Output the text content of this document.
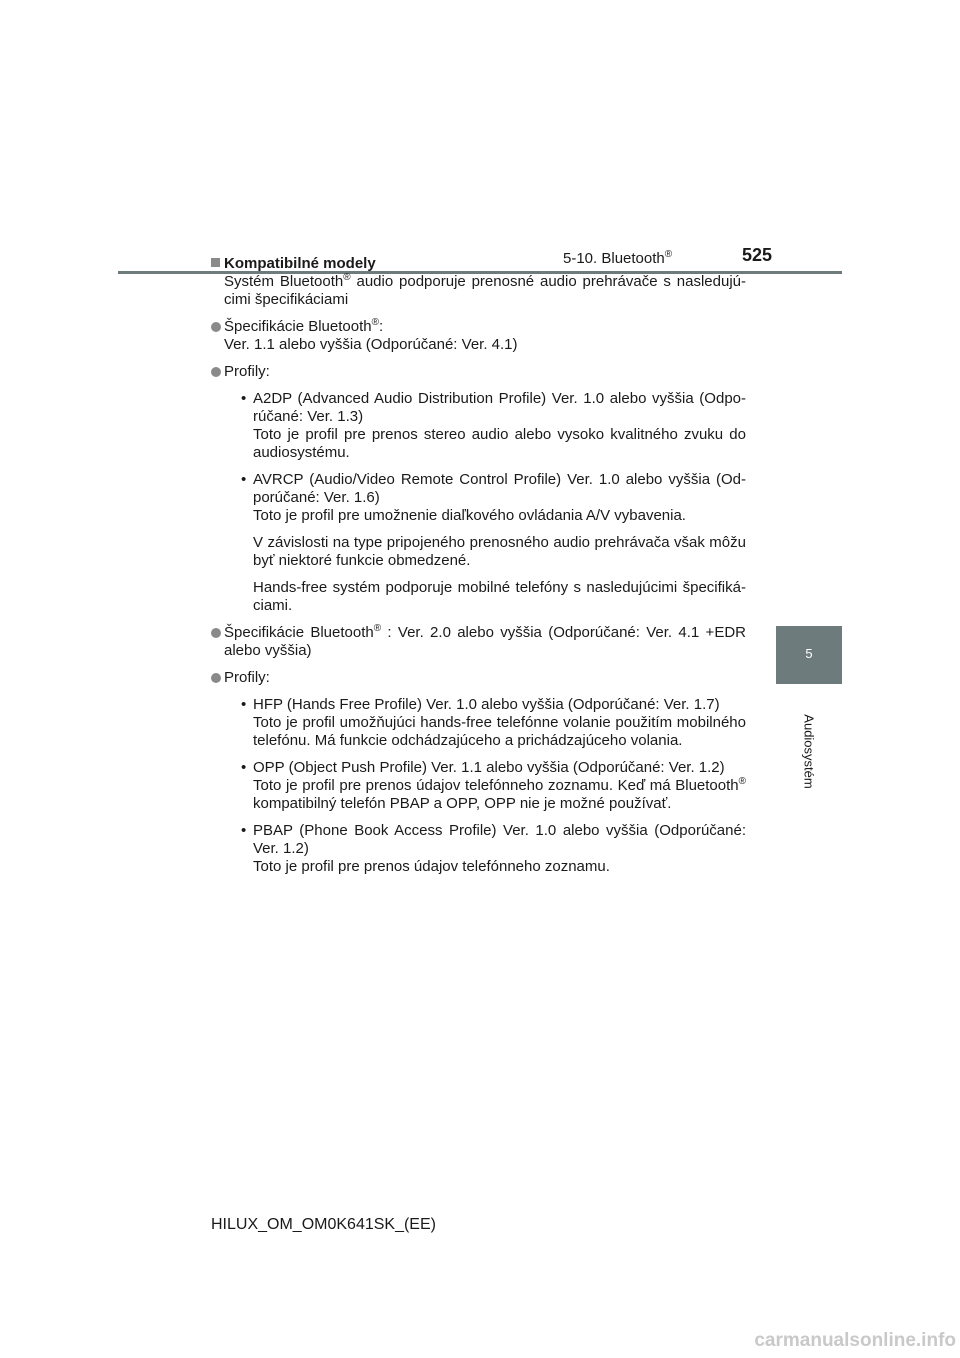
5-10. Bluetooth®	525
5
Audiosystém
Kompatibilné modely

Systém Bluetooth® audio podporuje prenosné audio prehrávače s nasledujúcimi špecifikáciami

Špecifikácie Bluetooth®:
Ver. 1.1 alebo vyššia (Odporúčané: Ver. 4.1)
Profily:
• A2DP (Advanced Audio Distribution Profile) Ver. 1.0 alebo vyššia (Odporúčané: Ver. 1.3)
Toto je profil pre prenos stereo audio alebo vysoko kvalitného zvuku do audiosystému.
• AVRCP (Audio/Video Remote Control Profile) Ver. 1.0 alebo vyššia (Odporúčané: Ver. 1.6)
Toto je profil pre umožnenie diaľkového ovládania A/V vybavenia.
V závislosti na type pripojeného prenosného audio prehrávača však môžu byť niektoré funkcie obmedzené.
Hands-free systém podporuje mobilné telefóny s nasledujúcimi špecifikáciami.
Špecifikácie Bluetooth® : Ver. 2.0 alebo vyššia (Odporúčané: Ver. 4.1 +EDR alebo vyššia)
Profily:
• HFP (Hands Free Profile) Ver. 1.0 alebo vyššia (Odporúčané: Ver. 1.7)
Toto je profil umožňujúci hands-free telefónne volanie použitím mobilného telefónu. Má funkcie odchádzajúceho a prichádzajúceho volania.
• OPP (Object Push Profile) Ver. 1.1 alebo vyššia (Odporúčané: Ver. 1.2)
Toto je profil pre prenos údajov telefónneho zoznamu. Keď má Bluetooth® kompatibilný telefón PBAP a OPP, OPP nie je možné používať.
• PBAP (Phone Book Access Profile) Ver. 1.0 alebo vyššia (Odporúčané: Ver. 1.2)
Toto je profil pre prenos údajov telefónneho zoznamu.
HILUX_OM_OM0K641SK_(EE)
carmanualsonline.info
